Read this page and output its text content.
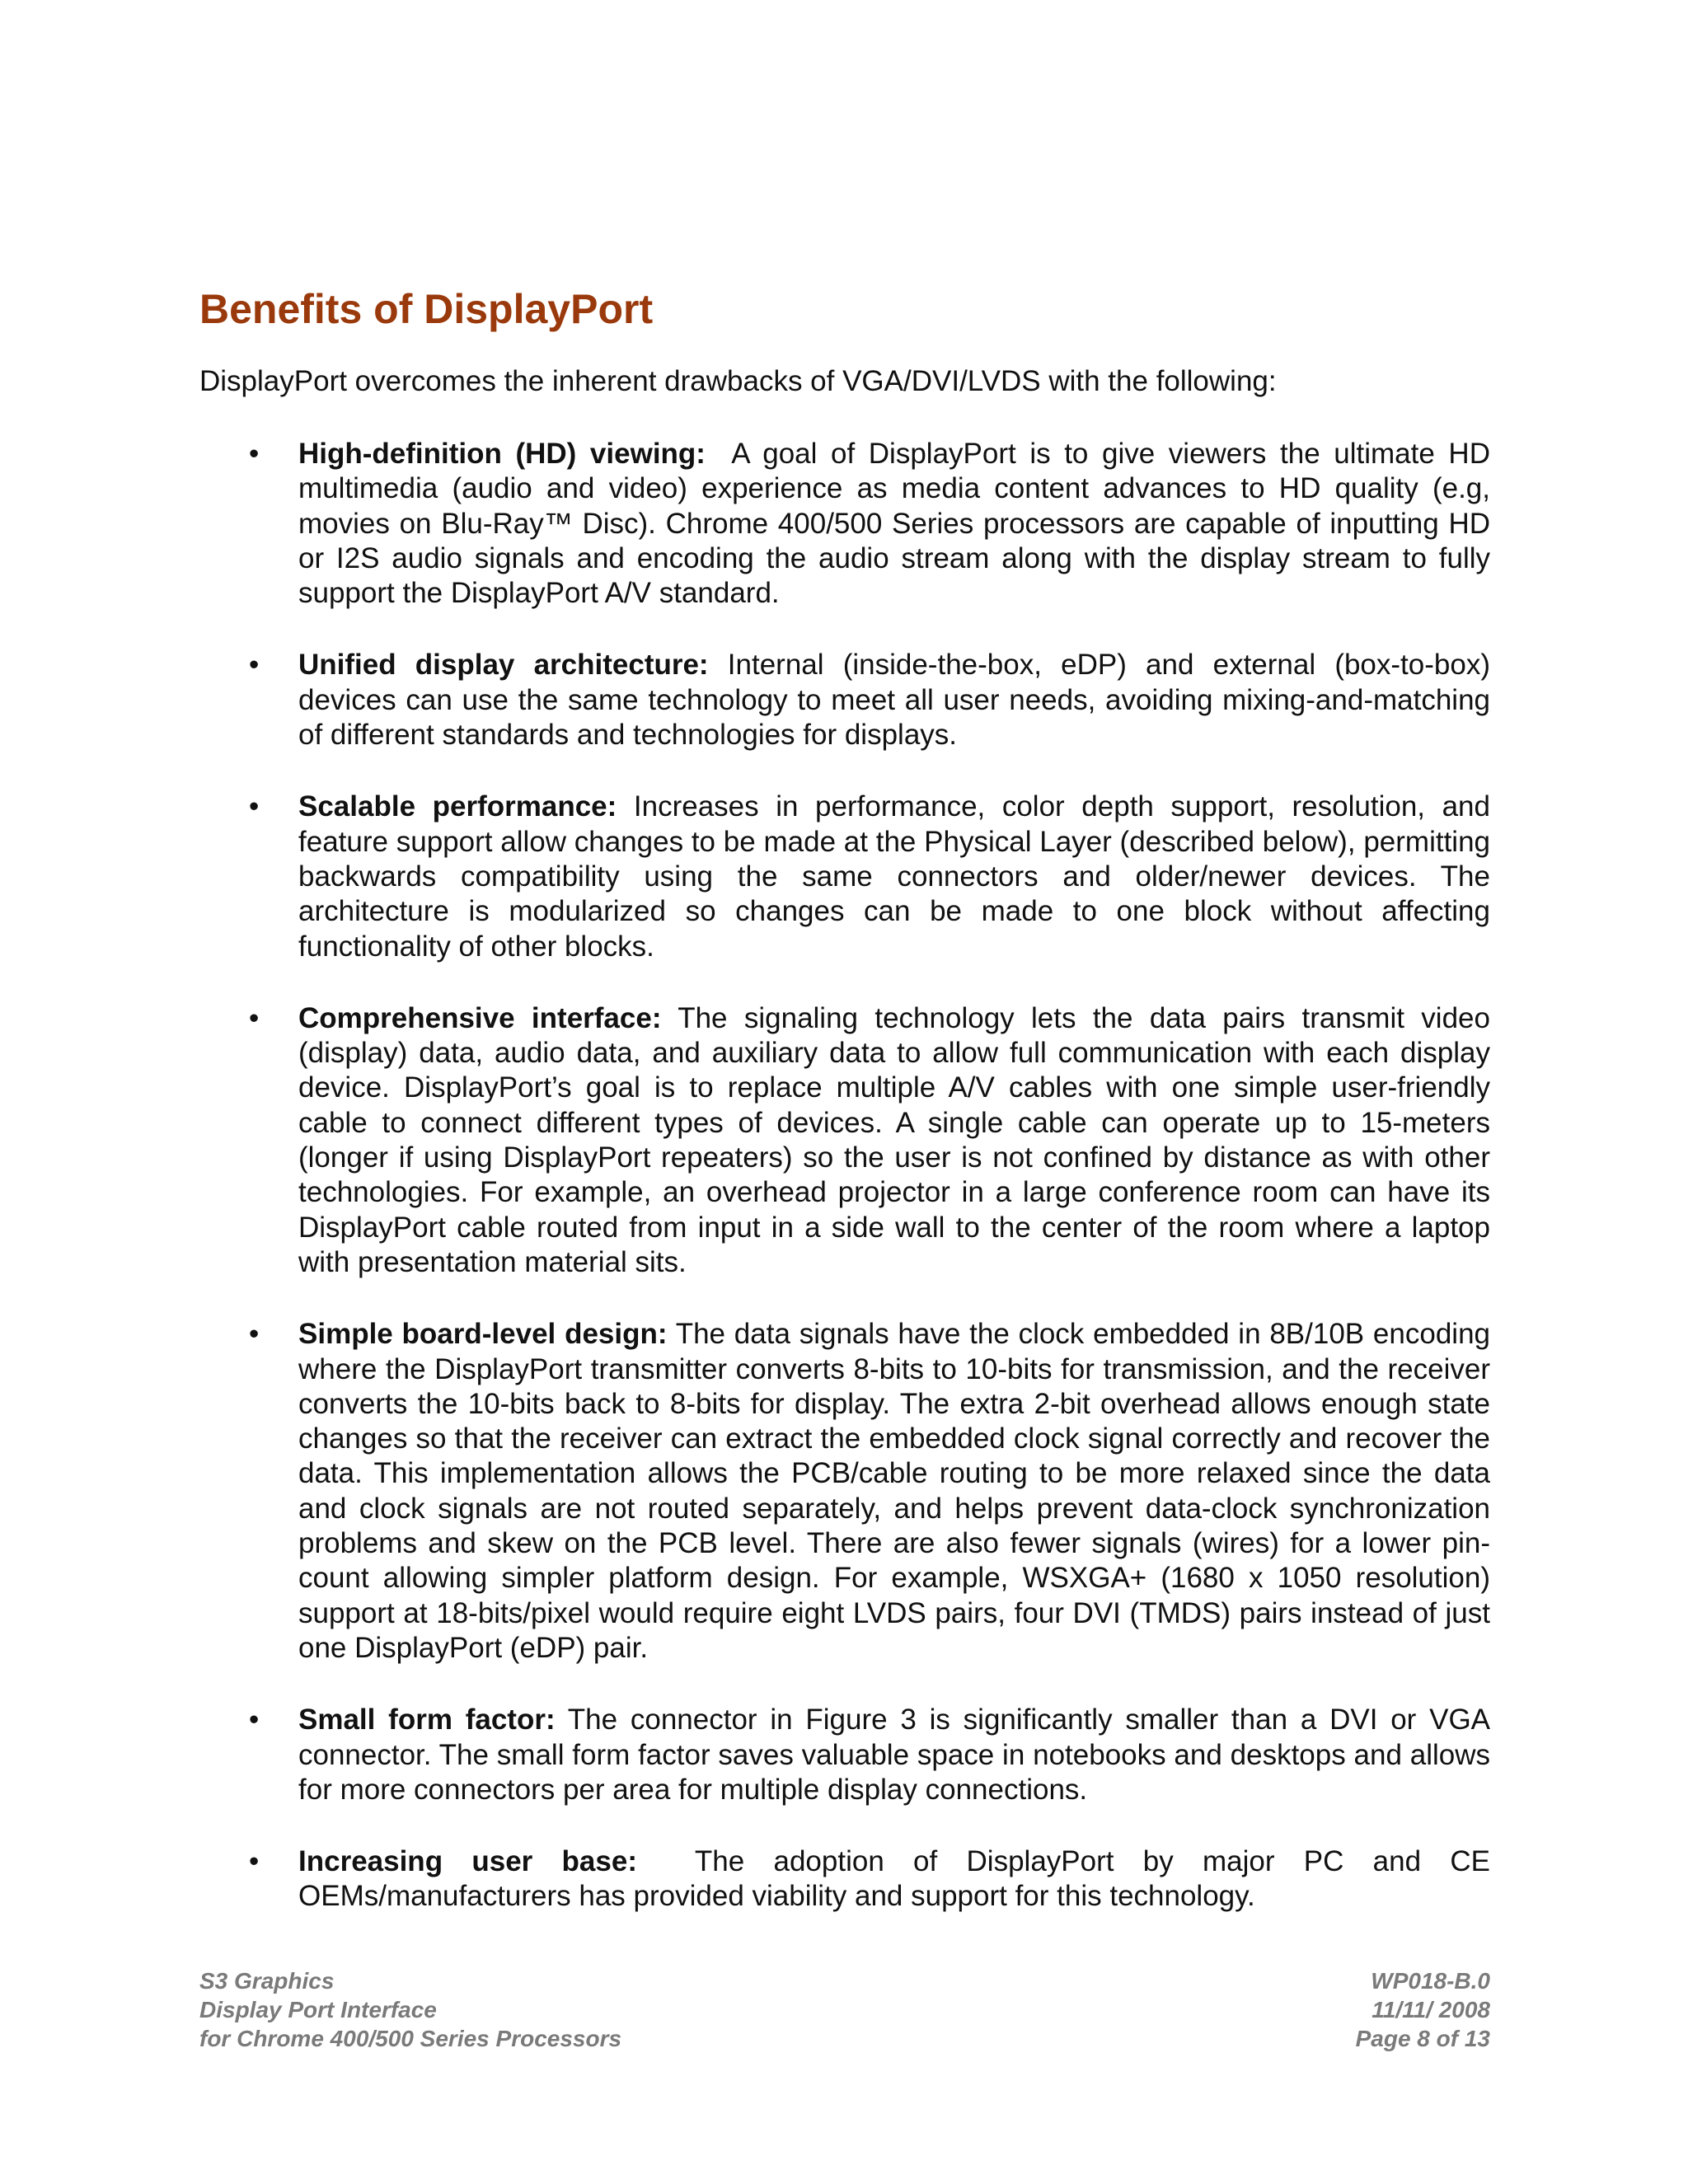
Benefits of DisplayPort

DisplayPort overcomes the inherent drawbacks of VGA/DVI/LVDS with the following:

• High-definition (HD) viewing: A goal of DisplayPort is to give viewers the ultimate HD multimedia (audio and video) experience as media content advances to HD quality (e.g, movies on Blu-Ray™ Disc). Chrome 400/500 Series processors are capable of inputting HD or I2S audio signals and encoding the audio stream along with the display stream to fully support the DisplayPort A/V standard.
• Unified display architecture: Internal (inside-the-box, eDP) and external (box-to-box) devices can use the same technology to meet all user needs, avoiding mixing-and-matching of different standards and technologies for displays.
• Scalable performance: Increases in performance, color depth support, resolution, and feature support allow changes to be made at the Physical Layer (described below), permitting backwards compatibility using the same connectors and older/newer devices. The architecture is modularized so changes can be made to one block without affecting functionality of other blocks.
• Comprehensive interface: The signaling technology lets the data pairs transmit video (display) data, audio data, and auxiliary data to allow full communication with each display device. DisplayPort’s goal is to replace multiple A/V cables with one simple user-friendly cable to connect different types of devices. A single cable can operate up to 15-meters (longer if using DisplayPort repeaters) so the user is not confined by distance as with other technologies. For example, an overhead projector in a large conference room can have its DisplayPort cable routed from input in a side wall to the center of the room where a laptop with presentation material sits.
• Simple board-level design: The data signals have the clock embedded in 8B/10B encoding where the DisplayPort transmitter converts 8-bits to 10-bits for transmission, and the receiver converts the 10-bits back to 8-bits for display. The extra 2-bit overhead allows enough state changes so that the receiver can extract the embedded clock signal correctly and recover the data. This implementation allows the PCB/cable routing to be more relaxed since the data and clock signals are not routed separately, and helps prevent data-clock synchronization problems and skew on the PCB level. There are also fewer signals (wires) for a lower pin-count allowing simpler platform design. For example, WSXGA+ (1680 x 1050 resolution) support at 18-bits/pixel would require eight LVDS pairs, four DVI (TMDS) pairs instead of just one DisplayPort (eDP) pair.
• Small form factor: The connector in Figure 3 is significantly smaller than a DVI or VGA connector. The small form factor saves valuable space in notebooks and desktops and allows for more connectors per area for multiple display connections.
• Increasing user base: The adoption of DisplayPort by major PC and CE OEMs/manufacturers has provided viability and support for this technology.
S3 Graphics
Display Port Interface
for Chrome 400/500 Series Processors
WP018-B.0
11/11/ 2008
Page 8 of 13
